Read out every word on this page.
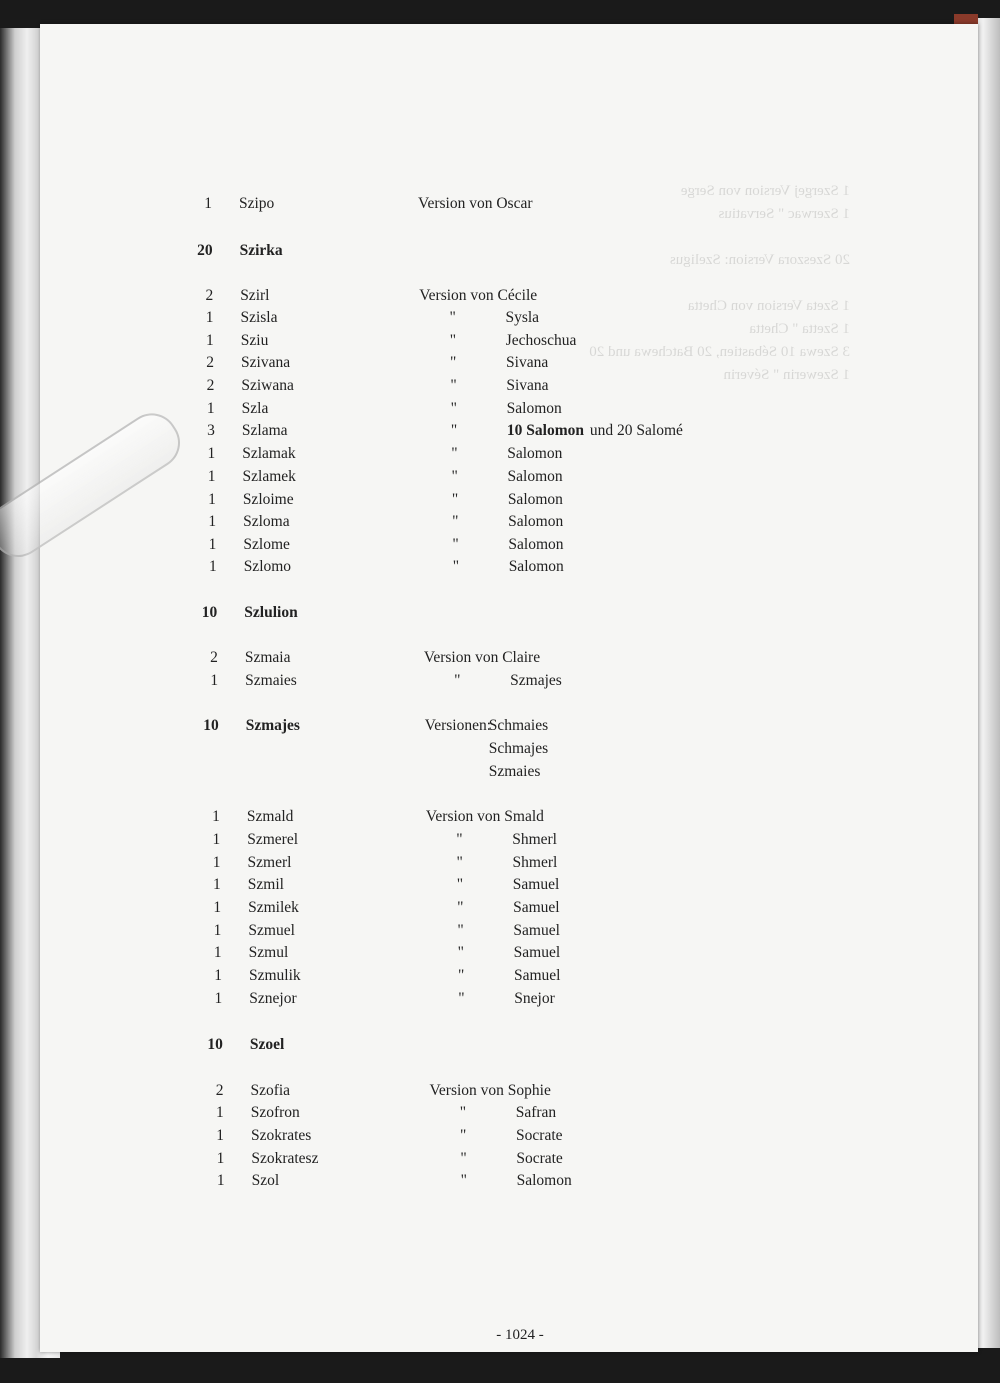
1 Szergej Version von Serge
1 Szerwac " Servatius

20 Szeszora Version: Szeligus

1 Szeta Version von Chetta
1 Szetta " Chetta
3 Szewa 10 Sébastien, 20 Batchewa und 20
1 Szewerin " Séverin
1 Szipo	Version von Oscar
20 Szirka
2 Szirl	Version von Cécile
1 Szisla	"	Sysla
1 Sziu	"	Jechoschua
2 Szivana	"	Sivana
2 Sziwana	"	Sivana
1 Szla	"	Salomon
3 Szlama	"	10 Salomon und 20 Salomé
1 Szlamak	"	Salomon
1 Szlamek	"	Salomon
1 Szloime	"	Salomon
1 Szloma	"	Salomon
1 Szlome	"	Salomon
1 Szlomo	"	Salomon
10 Szlulion
2 Szmaia	Version von Claire
1 Szmaies	"	Szmajes
10 Szmajes	Versionen:
Schmaies
Schmajes
Szmaies
1 Szmald	Version von Smald
1 Szmerel	"	Shmerl
1 Szmerl	"	Shmerl
1 Szmil	"	Samuel
1 Szmilek	"	Samuel
1 Szmuel	"	Samuel
1 Szmul	"	Samuel
1 Szmulik	"	Samuel
1 Sznejor	"	Snejor
10 Szoel
2 Szofia	Version von Sophie
1 Szofron	"	Safran
1 Szokrates	"	Socrate
1 Szokratesz	"	Socrate
1 Szol	"	Salomon
- 1024 -
